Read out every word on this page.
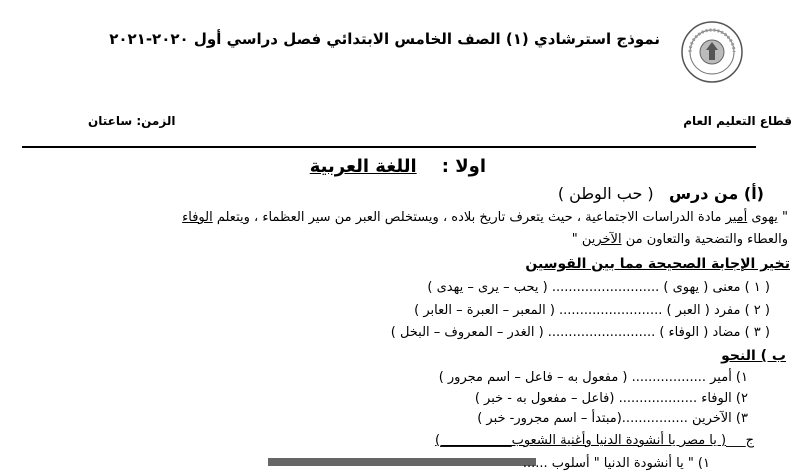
نموذج استرشادي (١) الصف الخامس الابتدائي فصل دراسي أول ٢٠٢٠-٢٠٢١
قطاع التعليم العام
الزمن: ساعتان
اولا :    اللغة العربية
(أ) من درس   ( حب الوطن )
" يهوى أمير مادة الدراسات الاجتماعية ، حيث يتعرف تاريخ بلاده ، ويستخلص العبر من سير العظماء ، ويتعلم الوفاء
والعطاء والتضحية والتعاون من الآخرين "
تخير الإجابة الصحيحة مما بين القوسين
( ١ ) معنى ( يهوى ) .......................... ( يحب – يرى – يهدى )
( ٢ ) مفرد ( العبر ) ......................... ( المعبر – العبرة – العابر )
( ٣ ) مضاد ( الوفاء ) .......................... ( الغدر – المعروف – البخل )
ب ) النحو
١) أمير .................. ( مفعول به – فاعل – اسم مجرور )
٢) الوفاء ................... (فاعل – مفعول به - خبر )
٣) الآخرين ................(مبتدأ – اسم مجرور- خبر )
ج___( يا مصر يا أنشودة الدنيا وأغنية الشعوب___________)
١) " يا أنشودة الدنيا " أسلوب ......
